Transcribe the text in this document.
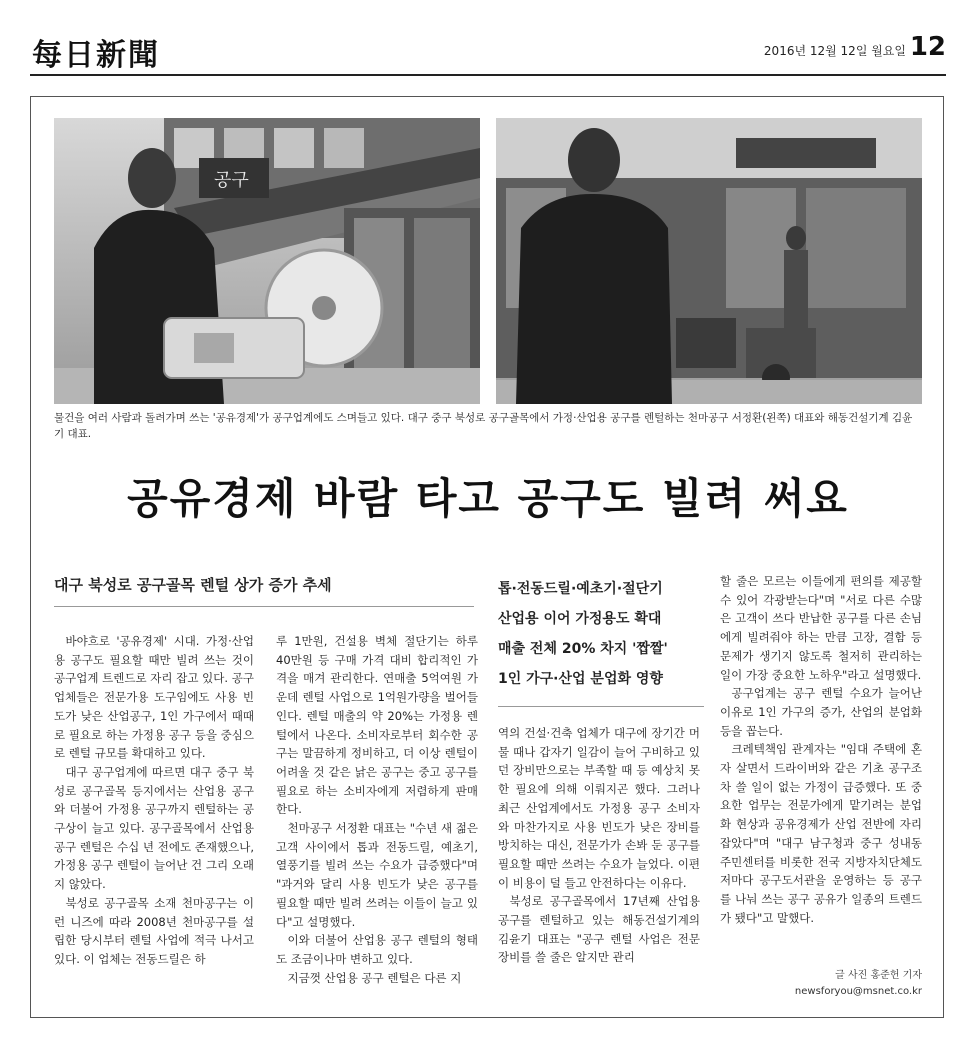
每日新聞	2016년 12월 12일 월요일 12
공구
물건을 여러 사람과 돌려가며 쓰는 '공유경제'가 공구업계에도 스며들고 있다. 대구 중구 북성로 공구골목에서 가정·산업용 공구를 렌털하는 천마공구 서정환(왼쪽) 대표와 해동건설기계 김윤기 대표.
공유경제 바람 타고 공구도 빌려 써요
대구 북성로 공구골목 렌털 상가 증가 추세

바야흐로 '공유경제' 시대. 가정·산업용 공구도 필요할 때만 빌려 쓰는 것이 공구업계 트렌드로 자리 잡고 있다. 공구 업체들은 전문가용 도구임에도 사용 빈도가 낮은 산업공구, 1인 가구에서 때때로 필요로 하는 가정용 공구 등을 중심으로 렌털 규모를 확대하고 있다.

대구 공구업계에 따르면 대구 중구 북성로 공구골목 등지에서는 산업용 공구와 더불어 가정용 공구까지 렌털하는 공구상이 늘고 있다. 공구골목에서 산업용 공구 렌털은 수십 년 전에도 존재했으나, 가정용 공구 렌털이 늘어난 건 그리 오래지 않았다.

북성로 공구골목 소재 천마공구는 이런 니즈에 따라 2008년 천마공구를 설립한 당시부터 렌털 사업에 적극 나서고 있다. 이 업체는 전동드릴은 하

루 1만원, 건설용 벽체 절단기는 하루 40만원 등 구매 가격 대비 합리적인 가격을 매겨 관리한다. 연매출 5억여원 가운데 렌털 사업으로 1억원가량을 벌어들인다. 렌털 매출의 약 20%는 가정용 렌털에서 나온다. 소비자로부터 회수한 공구는 말끔하게 정비하고, 더 이상 렌털이 어려울 것 같은 낡은 공구는 중고 공구를 필요로 하는 소비자에게 저렴하게 판매한다.

천마공구 서정환 대표는 "수년 새 젊은 고객 사이에서 톱과 전동드릴, 예초기, 열풍기를 빌려 쓰는 수요가 급증했다"며 "과거와 달리 사용 빈도가 낮은 공구를 필요할 때만 빌려 쓰려는 이들이 늘고 있다"고 설명했다.

이와 더불어 산업용 공구 렌털의 형태도 조금이나마 변하고 있다.

지금껏 산업용 공구 렌털은 다른 지

톱·전동드릴·예초기·절단기
산업용 이어 가정용도 확대
매출 전체 20% 차지 '짭짤'
1인 가구·산업 분업화 영향

역의 건설·건축 업체가 대구에 장기간 머물 때나 갑자기 일감이 늘어 구비하고 있던 장비만으로는 부족할 때 등 예상치 못한 필요에 의해 이뤄지곤 했다. 그러나 최근 산업계에서도 가정용 공구 소비자와 마찬가지로 사용 빈도가 낮은 장비를 방치하는 대신, 전문가가 손봐 둔 공구를 필요할 때만 쓰려는 수요가 늘었다. 이편이 비용이 덜 들고 안전하다는 이유다.

북성로 공구골목에서 17년째 산업용 공구를 렌털하고 있는 해동건설기계의 김윤기 대표는 "공구 렌털 사업은 전문 장비를 쓸 줄은 알지만 관리

할 줄은 모르는 이들에게 편의를 제공할 수 있어 각광받는다"며 "서로 다른 수많은 고객이 쓰다 반납한 공구를 다른 손님에게 빌려줘야 하는 만큼 고장, 결함 등 문제가 생기지 않도록 철저히 관리하는 일이 가장 중요한 노하우"라고 설명했다.

공구업계는 공구 렌털 수요가 늘어난 이유로 1인 가구의 증가, 산업의 분업화 등을 꼽는다.

크레텍책임 관계자는 "임대 주택에 혼자 살면서 드라이버와 같은 기초 공구조차 쓸 일이 없는 가정이 급증했다. 또 중요한 업무는 전문가에게 맡기려는 분업화 현상과 공유경제가 산업 전반에 자리 잡았다"며 "대구 남구청과 중구 성내동 주민센터를 비롯한 전국 지방자치단체도 저마다 공구도서관을 운영하는 등 공구를 나눠 쓰는 공구 공유가 일종의 트렌드가 됐다"고 말했다.

글 사진 홍준헌 기자
newsforyou@msnet.co.kr
